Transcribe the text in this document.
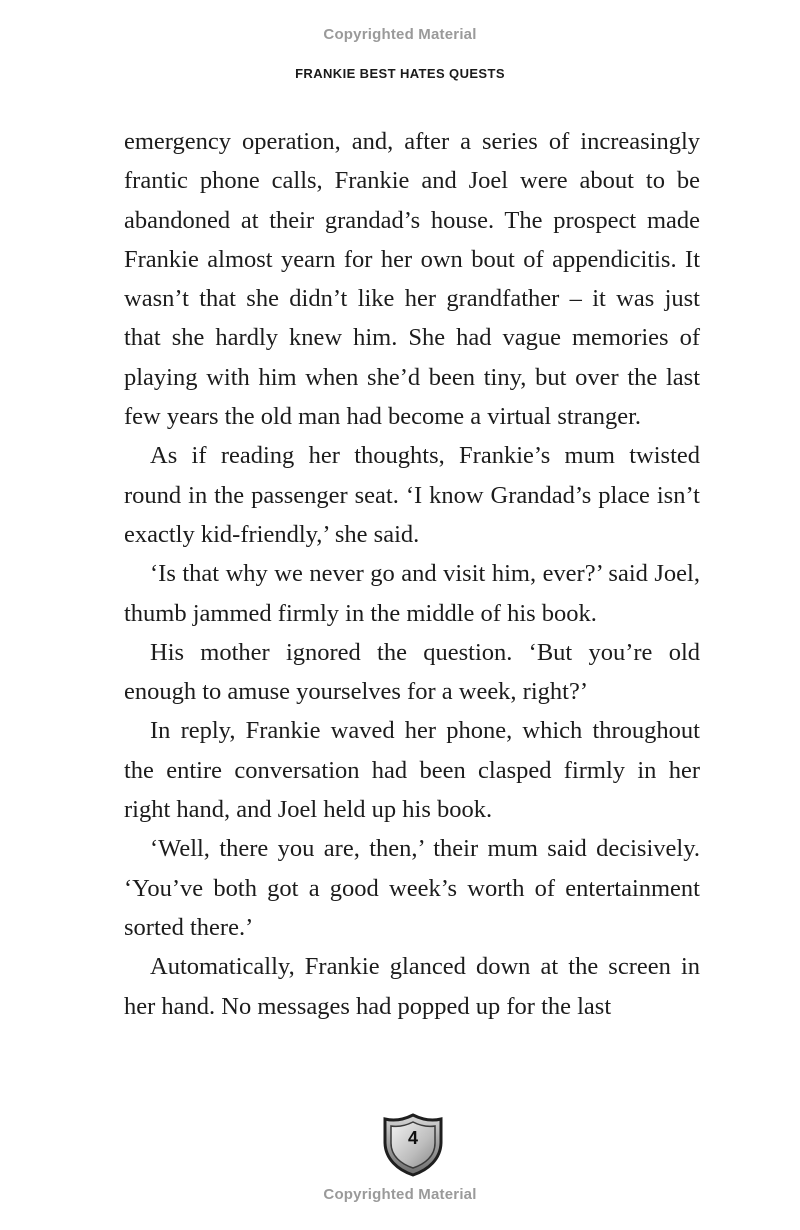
Copyrighted Material
FRANKIE BEST HATES QUESTS

emergency operation, and, after a series of increasingly frantic phone calls, Frankie and Joel were about to be abandoned at their grandad’s house. The prospect made Frankie almost yearn for her own bout of appendicitis. It wasn’t that she didn’t like her grandfather – it was just that she hardly knew him. She had vague memories of playing with him when she’d been tiny, but over the last few years the old man had become a virtual stranger.

As if reading her thoughts, Frankie’s mum twisted round in the passenger seat. ‘I know Grandad’s place isn’t exactly kid-friendly,’ she said.

‘Is that why we never go and visit him, ever?’ said Joel, thumb jammed firmly in the middle of his book.

His mother ignored the question. ‘But you’re old enough to amuse yourselves for a week, right?’

In reply, Frankie waved her phone, which throughout the entire conversation had been clasped firmly in her right hand, and Joel held up his book.

‘Well, there you are, then,’ their mum said decisively. ‘You’ve both got a good week’s worth of entertainment sorted there.’

Automatically, Frankie glanced down at the screen in her hand. No messages had popped up for the last

4
Copyrighted Material
